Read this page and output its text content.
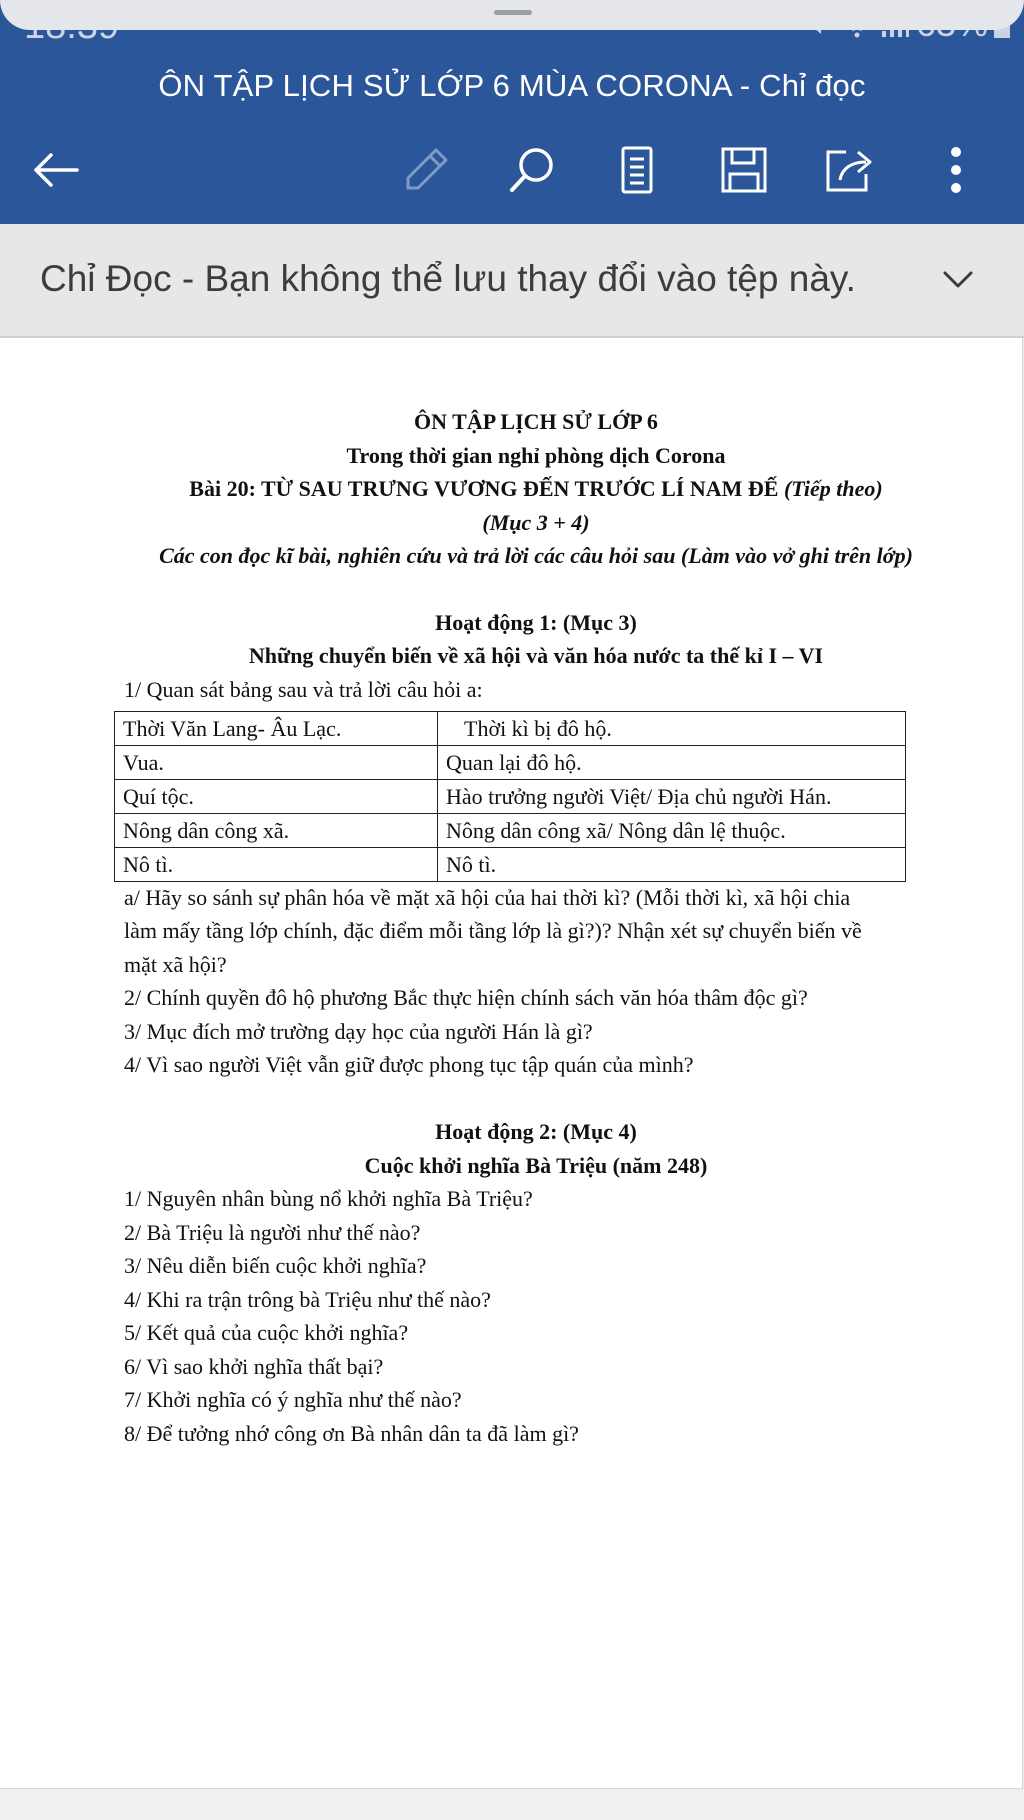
ÔN TẬP LỊCH SỬ LỚP 6 MÙA CORONA - Chỉ đọc
Chỉ Đọc - Bạn không thể lưu thay đổi vào tệp này.
ÔN TẬP LỊCH SỬ LỚP 6
Trong thời gian nghỉ phòng dịch Corona
Bài 20: TỪ SAU TRƯNG VƯƠNG ĐẾN TRƯỚC LÍ NAM ĐẾ (Tiếp theo)
(Mục 3 + 4)
Các con đọc kĩ bài, nghiên cứu và trả lời các câu hỏi sau (Làm vào vở ghi trên lớp)
Hoạt động 1: (Mục 3)
Những chuyển biến về xã hội và văn hóa nước ta thế kỉ I – VI
1/ Quan sát bảng sau và trả lời câu hỏi a:
Thời Văn Lang- Âu Lạc.	Thời kì bị đô hộ.
Vua.	Quan lại đô hộ.
Quí tộc.	Hào trưởng người Việt/ Địa chủ người Hán.
Nông dân công xã.	Nông dân công xã/ Nông dân lệ thuộc.
Nô tì.	Nô tì.
a/ Hãy so sánh sự phân hóa về mặt xã hội của hai thời kì? (Mỗi thời kì, xã hội chia
làm mấy tầng lớp chính, đặc điểm mỗi tầng lớp là gì?)? Nhận xét sự chuyển biến về
mặt xã hội?
2/ Chính quyền đô hộ phương Bắc thực hiện chính sách văn hóa thâm độc gì?
3/ Mục đích mở trường dạy học của người Hán là gì?
4/ Vì sao người Việt vẫn giữ được phong tục tập quán của mình?
Hoạt động 2: (Mục 4)
Cuộc khởi nghĩa Bà Triệu (năm 248)
1/ Nguyên nhân bùng nổ khởi nghĩa Bà Triệu?
2/ Bà Triệu là người như thế nào?
3/ Nêu diễn biến cuộc khởi nghĩa?
4/ Khi ra trận trông bà Triệu như thế nào?
5/ Kết quả của cuộc khởi nghĩa?
6/ Vì sao khởi nghĩa thất bại?
7/ Khởi nghĩa có ý nghĩa như thế nào?
8/ Để tưởng nhớ công ơn Bà nhân dân ta đã làm gì?
